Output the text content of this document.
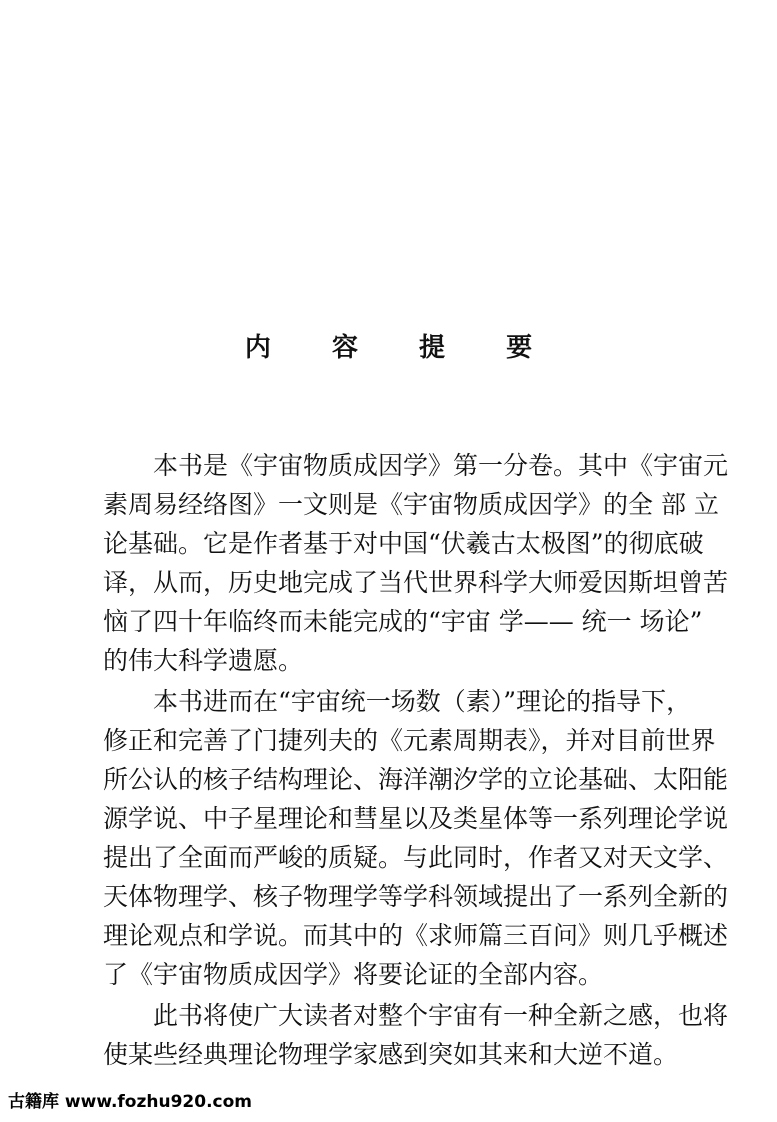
内 容 提 要
本书是《宇宙物质成因学》第一分卷。其中《宇宙元
素周易经络图》一文则是《宇宙物质成因学》的全 部 立
论基础。它是作者基于对中国“伏羲古太极图”的彻底破
译，从而，历史地完成了当代世界科学大师爱因斯坦曾苦
恼了四十年临终而未能完成的“宇宙 学—— 统一 场论”
的伟大科学遗愿。
本书进而在“宇宙统一场数（素）”理论的指导下，
修正和完善了门捷列夫的《元素周期表》，并对目前世界
所公认的核子结构理论、海洋潮汐学的立论基础、太阳能
源学说、中子星理论和彗星以及类星体等一系列理论学说
提出了全面而严峻的质疑。与此同时，作者又对天文学、
天体物理学、核子物理学等学科领域提出了一系列全新的
理论观点和学说。而其中的《求师篇三百问》则几乎概述
了《宇宙物质成因学》将要论证的全部内容。
此书将使广大读者对整个宇宙有一种全新之感，也将
使某些经典理论物理学家感到突如其来和大逆不道。
古籍库 www.fozhu920.com
